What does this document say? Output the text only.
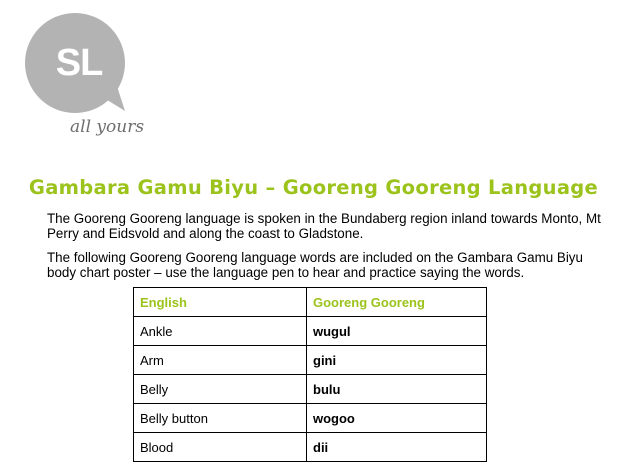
SL
all yours
Gambara Gamu Biyu – Gooreng Gooreng Language

The Gooreng Gooreng language is spoken in the Bundaberg region inland towards Monto, Mt Perry and Eidsvold and along the coast to Gladstone.

The following Gooreng Gooreng language words are included on the Gambara Gamu Biyu body chart poster – use the language pen to hear and practice saying the words.

English	Gooreng Gooreng
Ankle	wugul
Arm	gini
Belly	bulu
Belly button	wogoo
Blood	dii
